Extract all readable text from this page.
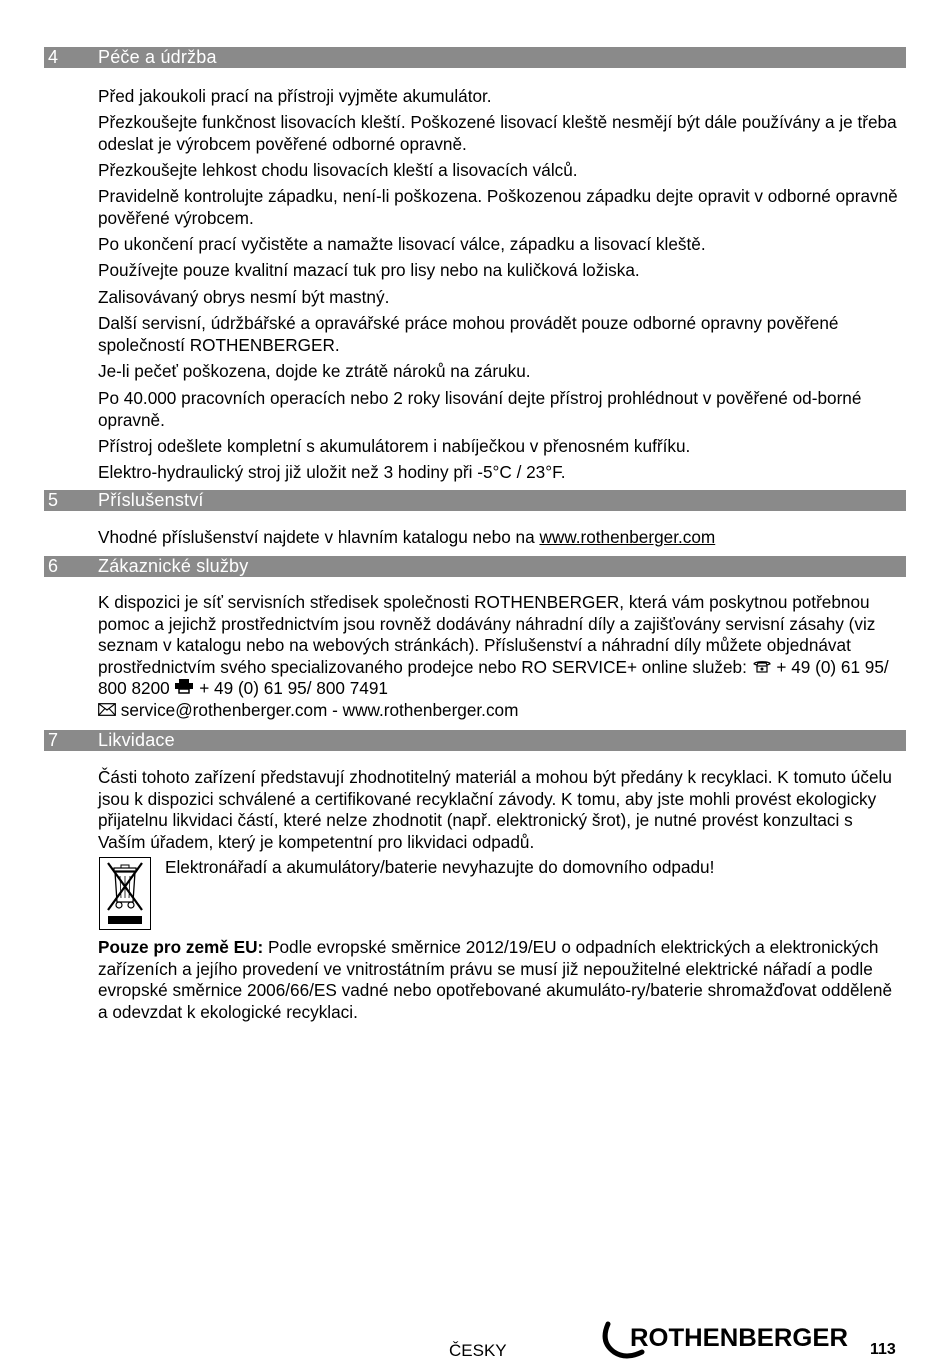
4 Péče a údržba
Před jakoukoli prací na přístroji vyjměte akumulátor.
Přezkoušejte funkčnost lisovacích kleští. Poškozené lisovací kleště nesmějí být dále používány a je třeba odeslat je výrobcem pověřené odborné opravně.
Přezkoušejte lehkost chodu lisovacích kleští a lisovacích válců.
Pravidelně kontrolujte západku, není-li poškozena. Poškozenou západku dejte opravit v odborné opravně pověřené výrobcem.
Po ukončení prací vyčistěte a namažte lisovací válce, západku a lisovací kleště.
Používejte pouze kvalitní mazací tuk pro lisy nebo na kuličková ložiska.
Zalisovávaný obrys nesmí být mastný.
Další servisní, údržbářské a opravářské práce mohou provádět pouze odborné opravny pověřené společností ROTHENBERGER.
Je-li pečeť poškozena, dojde ke ztrátě nároků na záruku.
Po 40.000 pracovních operacích nebo 2 roky lisování dejte přístroj prohlédnout v pověřené od-borné opravně.
Přístroj odešlete kompletní s akumulátorem i nabíječkou v přenosném kufříku.
Elektro-hydraulický stroj již uložit než 3 hodiny při -5°C / 23°F.
5 Příslušenství
Vhodné příslušenství najdete v hlavním katalogu nebo na www.rothenberger.com
6 Zákaznické služby
K dispozici je síť servisních středisek společnosti ROTHENBERGER, která vám poskytnou potřebnou pomoc a jejichž prostřednictvím jsou rovněž dodávány náhradní díly a zajišťovány servisní zásahy (viz seznam v katalogu nebo na webových stránkách). Příslušenství a náhradní díly můžete objednávat prostřednictvím svého specializovaného prodejce nebo RO SERVICE+ online služeb:  + 49 (0) 61 95/ 800 8200  + 49 (0) 61 95/ 800 7491
service@rothenberger.com - www.rothenberger.com
7 Likvidace
Části tohoto zařízení představují zhodnotitelný materiál a mohou být předány k recyklaci. K tomuto účelu jsou k dispozici schválené a certifikované recyklační závody. K tomu, aby jste mohli provést ekologicky přijatelnu likvidaci částí, které nelze zhodnotit (např. elektronický šrot), je nutné provést konzultaci s Vaším úřadem, který je kompetentní pro likvidaci odpadů.
Elektronářadí a akumulátory/baterie nevyhazujte do domovního odpadu!
Pouze pro země EU: Podle evropské směrnice 2012/19/EU o odpadních elektrických a elektronických zařízeních a jejího provedení ve vnitrostátním právu se musí již nepoužitelné elektrické nářadí a podle evropské směrnice 2006/66/ES vadné nebo opotřebované akumuláto-ry/baterie shromažďovat odděleně a odevzdat k ekologické recyklaci.
ČESKY	ROTHENBERGER 113
